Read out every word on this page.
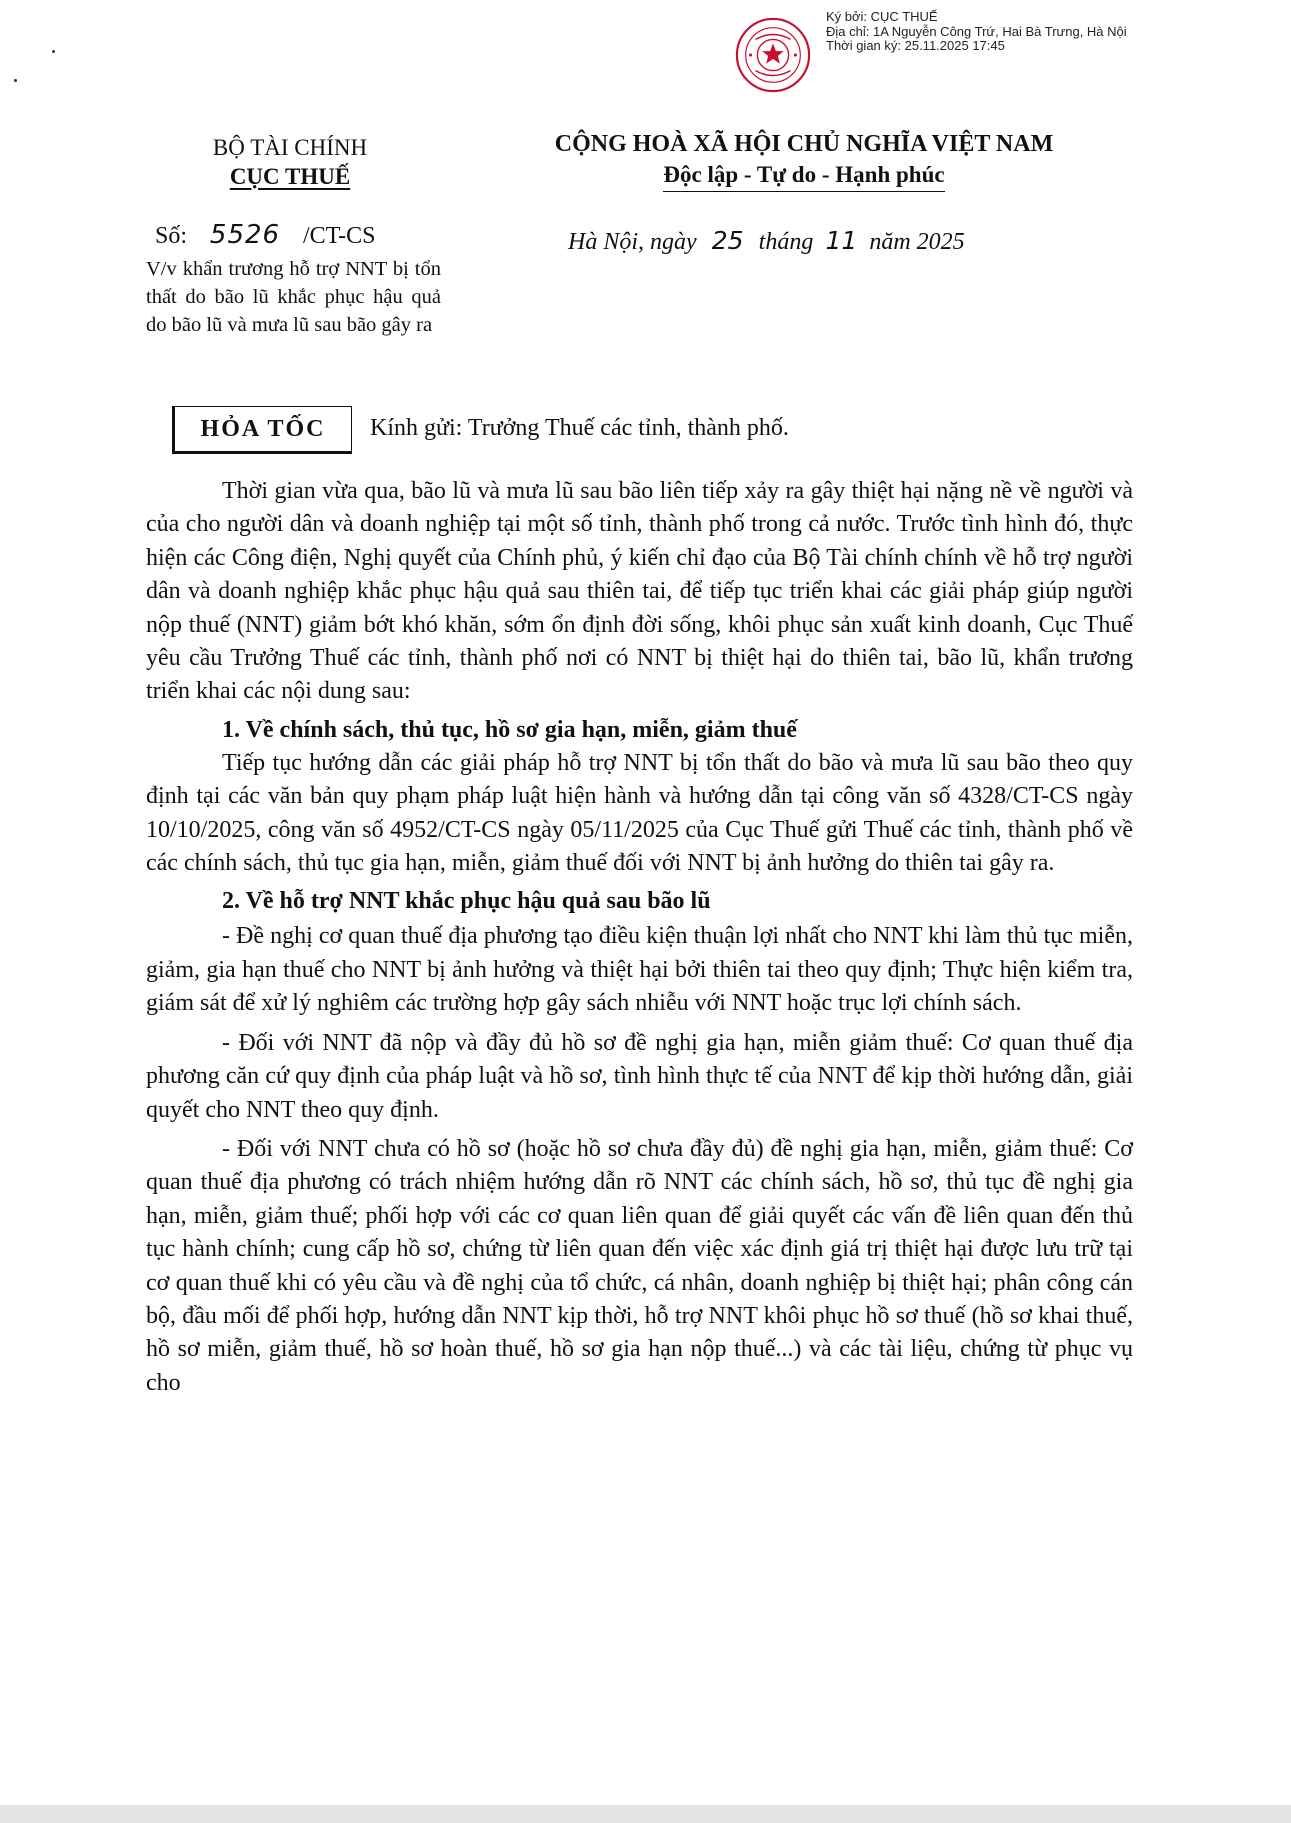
Ký bởi: CỤC THUẾ
Địa chỉ: 1A Nguyễn Công Trứ, Hai Bà Trưng, Hà Nội
Thời gian ký: 25.11.2025 17:45
BỘ TÀI CHÍNH
CỤC THUẾ
CỘNG HOÀ XÃ HỘI CHỦ NGHĨA VIỆT NAM
Độc lập - Tự do - Hạnh phúc
Số: 5526 /CT-CS	Hà Nội, ngày 25 tháng 11 năm 2025
V/v khẩn trương hỗ trợ NNT bị tổn thất do bão lũ khắc phục hậu quả do bão lũ và mưa lũ sau bão gây ra
HỎA TỐC	Kính gửi: Trưởng Thuế các tỉnh, thành phố.

Thời gian vừa qua, bão lũ và mưa lũ sau bão liên tiếp xảy ra gây thiệt hại nặng nề về người và của cho người dân và doanh nghiệp tại một số tỉnh, thành phố trong cả nước. Trước tình hình đó, thực hiện các Công điện, Nghị quyết của Chính phủ, ý kiến chỉ đạo của Bộ Tài chính chính về hỗ trợ người dân và doanh nghiệp khắc phục hậu quả sau thiên tai, để tiếp tục triển khai các giải pháp giúp người nộp thuế (NNT) giảm bớt khó khăn, sớm ổn định đời sống, khôi phục sản xuất kinh doanh, Cục Thuế yêu cầu Trưởng Thuế các tỉnh, thành phố nơi có NNT bị thiệt hại do thiên tai, bão lũ, khẩn trương triển khai các nội dung sau:

1. Về chính sách, thủ tục, hồ sơ gia hạn, miễn, giảm thuế

Tiếp tục hướng dẫn các giải pháp hỗ trợ NNT bị tổn thất do bão và mưa lũ sau bão theo quy định tại các văn bản quy phạm pháp luật hiện hành và hướng dẫn tại công văn số 4328/CT-CS ngày 10/10/2025, công văn số 4952/CT-CS ngày 05/11/2025 của Cục Thuế gửi Thuế các tỉnh, thành phố về các chính sách, thủ tục gia hạn, miễn, giảm thuế đối với NNT bị ảnh hưởng do thiên tai gây ra.

2. Về hỗ trợ NNT khắc phục hậu quả sau bão lũ

- Đề nghị cơ quan thuế địa phương tạo điều kiện thuận lợi nhất cho NNT khi làm thủ tục miễn, giảm, gia hạn thuế cho NNT bị ảnh hưởng và thiệt hại bởi thiên tai theo quy định; Thực hiện kiểm tra, giám sát để xử lý nghiêm các trường hợp gây sách nhiễu với NNT hoặc trục lợi chính sách.

- Đối với NNT đã nộp và đầy đủ hồ sơ đề nghị gia hạn, miễn giảm thuế: Cơ quan thuế địa phương căn cứ quy định của pháp luật và hồ sơ, tình hình thực tế của NNT để kịp thời hướng dẫn, giải quyết cho NNT theo quy định.

- Đối với NNT chưa có hồ sơ (hoặc hồ sơ chưa đầy đủ) đề nghị gia hạn, miễn, giảm thuế: Cơ quan thuế địa phương có trách nhiệm hướng dẫn rõ NNT các chính sách, hồ sơ, thủ tục đề nghị gia hạn, miễn, giảm thuế; phối hợp với các cơ quan liên quan để giải quyết các vấn đề liên quan đến thủ tục hành chính; cung cấp hồ sơ, chứng từ liên quan đến việc xác định giá trị thiệt hại được lưu trữ tại cơ quan thuế khi có yêu cầu và đề nghị của tổ chức, cá nhân, doanh nghiệp bị thiệt hại; phân công cán bộ, đầu mối để phối hợp, hướng dẫn NNT kịp thời, hỗ trợ NNT khôi phục hồ sơ thuế (hồ sơ khai thuế, hồ sơ miễn, giảm thuế, hồ sơ hoàn thuế, hồ sơ gia hạn nộp thuế...) và các tài liệu, chứng từ phục vụ cho
